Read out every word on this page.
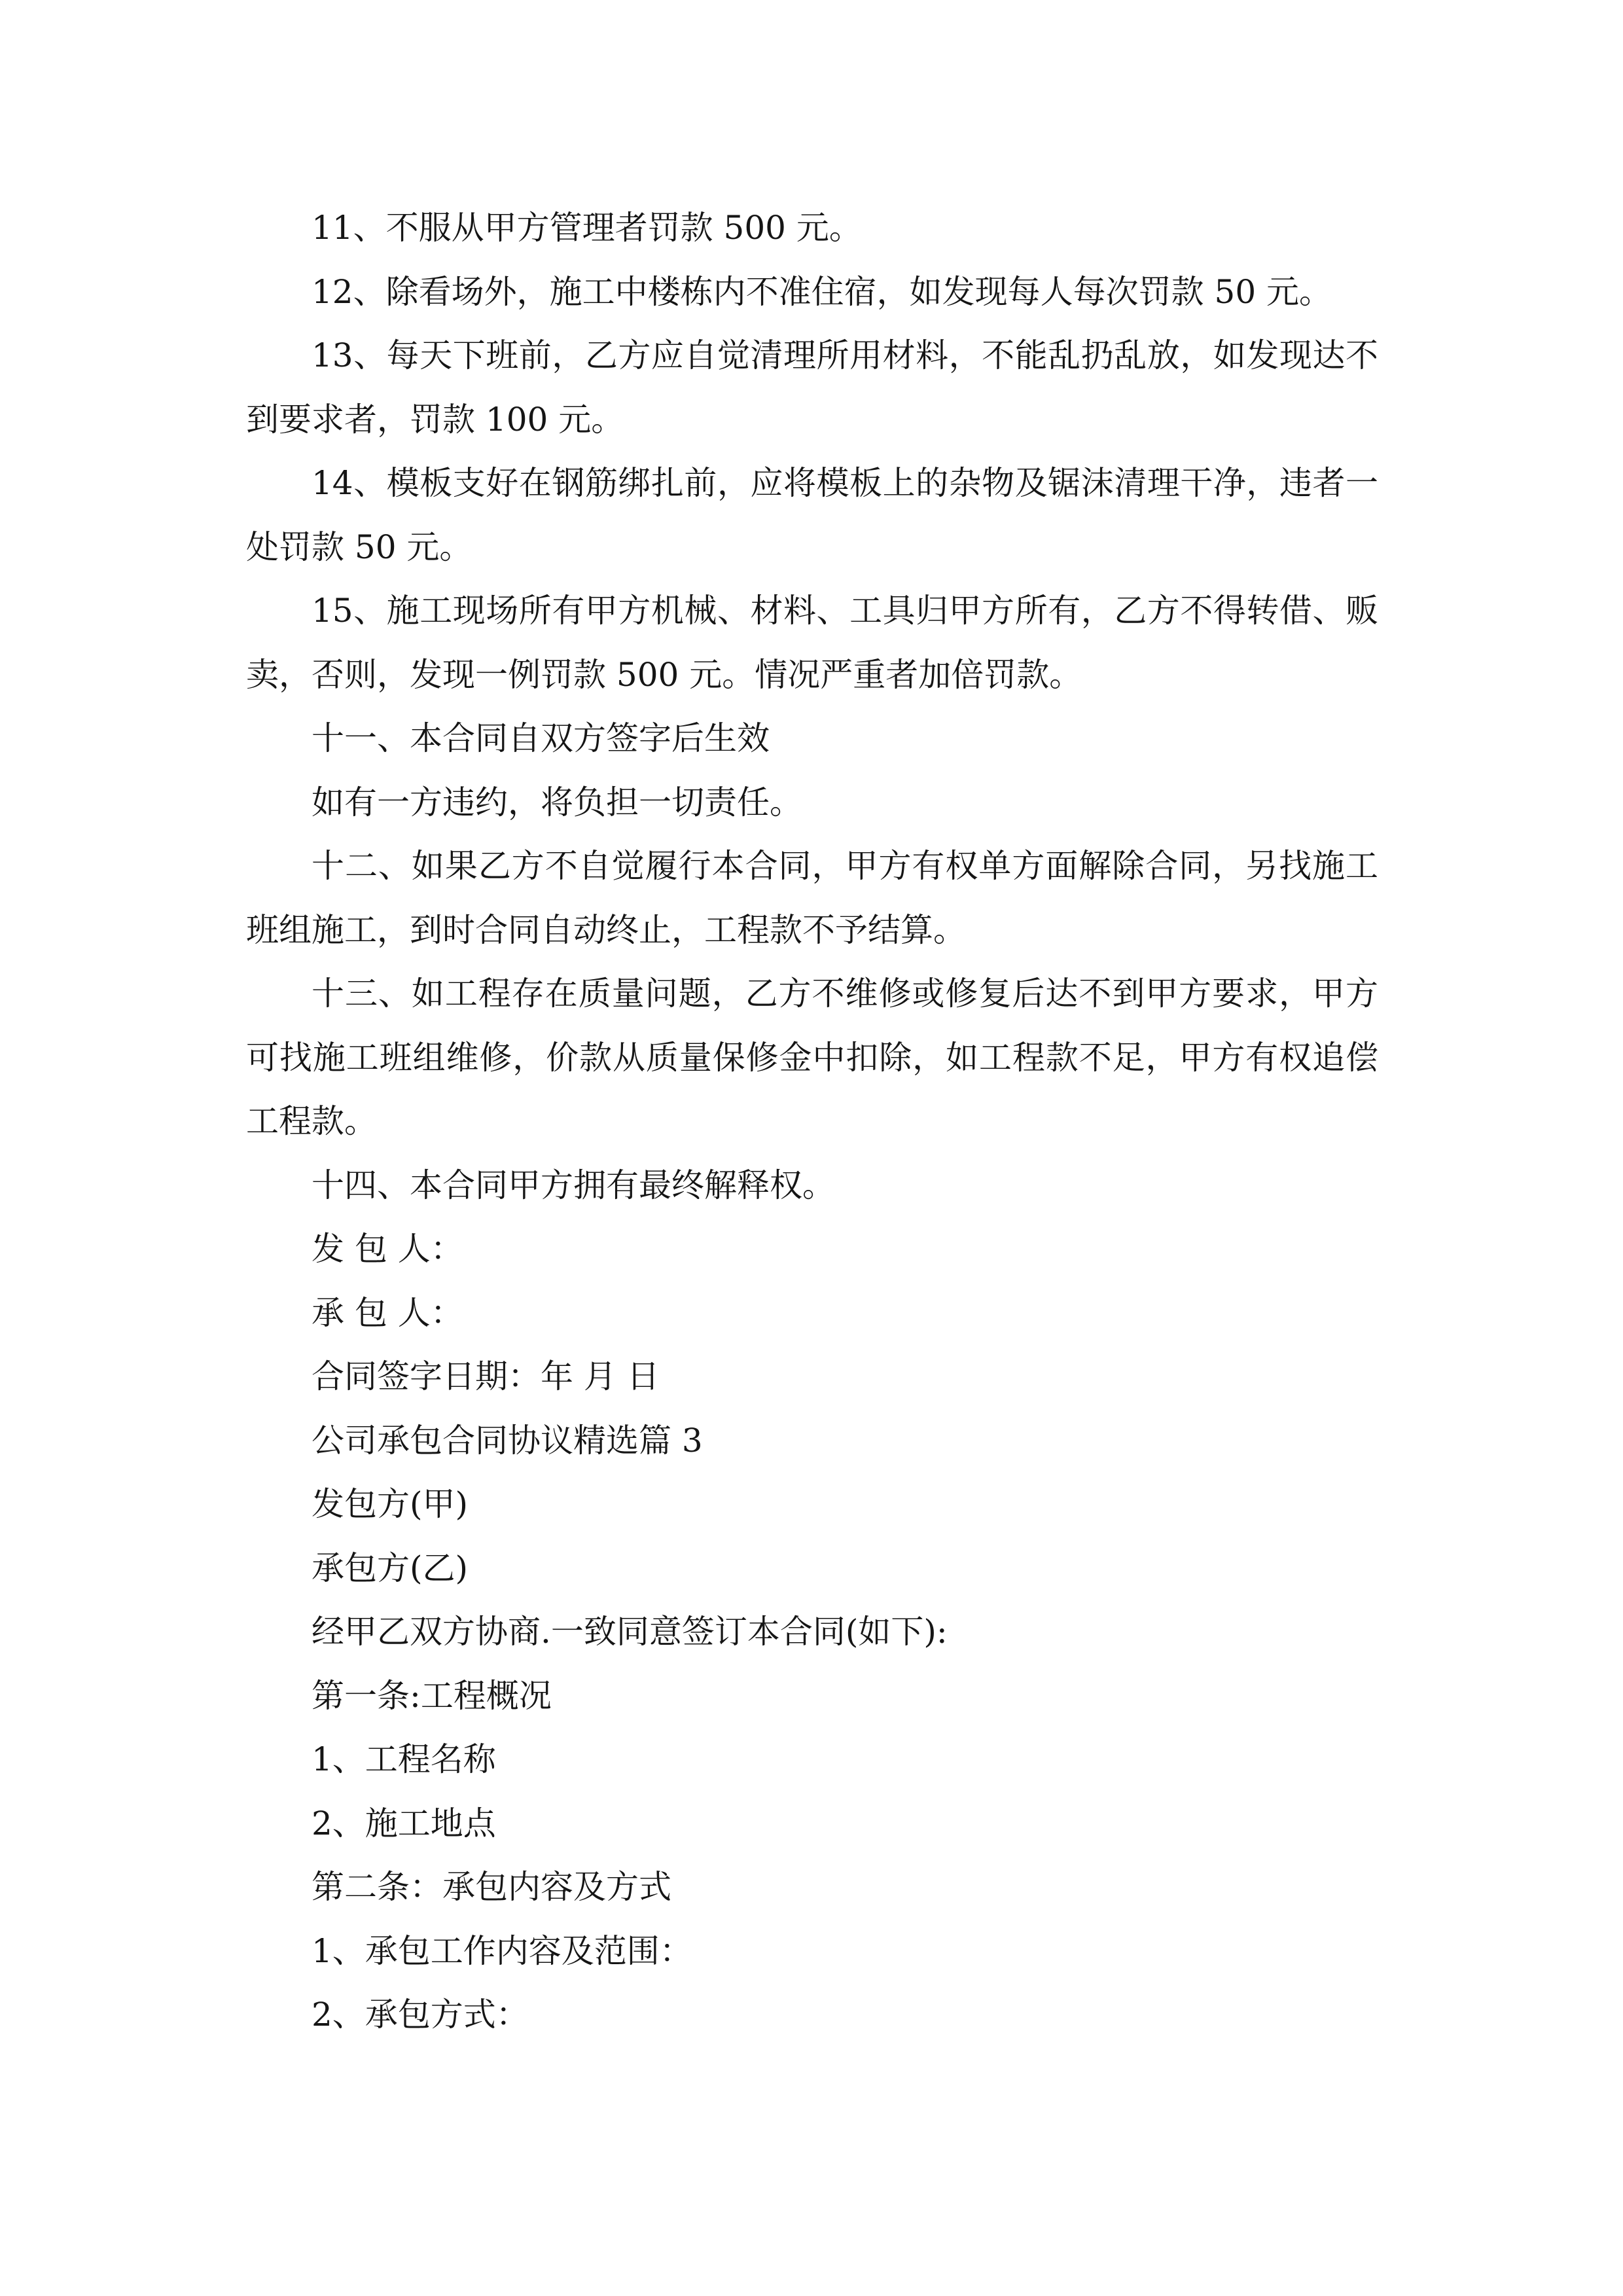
11、不服从甲方管理者罚款 500 元。

12、除看场外，施工中楼栋内不准住宿，如发现每人每次罚款 50 元。

13、每天下班前，乙方应自觉清理所用材料，不能乱扔乱放，如发现达不到要求者，罚款 100 元。

14、模板支好在钢筋绑扎前，应将模板上的杂物及锯沫清理干净，违者一处罚款 50 元。

15、施工现场所有甲方机械、材料、工具归甲方所有，乙方不得转借、贩卖，否则，发现一例罚款 500 元。情况严重者加倍罚款。

十一、本合同自双方签字后生效

如有一方违约，将负担一切责任。

十二、如果乙方不自觉履行本合同，甲方有权单方面解除合同，另找施工班组施工，到时合同自动终止，工程款不予结算。

十三、如工程存在质量问题，乙方不维修或修复后达不到甲方要求，甲方可找施工班组维修，价款从质量保修金中扣除，如工程款不足，甲方有权追偿工程款。

十四、本合同甲方拥有最终解释权。

发 包 人：

承 包 人：

合同签字日期：年 月 日

公司承包合同协议精选篇 3

发包方(甲)

承包方(乙)

经甲乙双方协商.一致同意签订本合同(如下):

第一条:工程概况

1、工程名称

2、施工地点

第二条：承包内容及方式

1、承包工作内容及范围：

2、承包方式：
